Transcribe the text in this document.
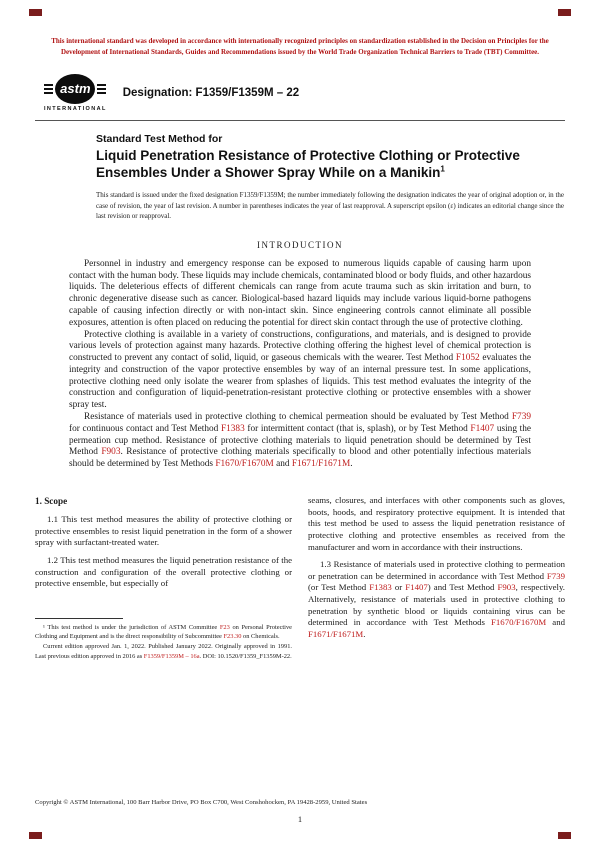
This international standard was developed in accordance with internationally recognized principles on standardization established in the Decision on Principles for the Development of International Standards, Guides and Recommendations issued by the World Trade Organization Technical Barriers to Trade (TBT) Committee.
astm
INTERNATIONAL
Designation: F1359/F1359M – 22
Standard Test Method for
Liquid Penetration Resistance of Protective Clothing or Protective Ensembles Under a Shower Spray While on a Manikin$^1$
This standard is issued under the fixed designation F1359/F1359M; the number immediately following the designation indicates the year of original adoption or, in the case of revision, the year of last revision. A number in parentheses indicates the year of last reapproval. A superscript epsilon (ε) indicates an editorial change since the last revision or reapproval.
INTRODUCTION

Personnel in industry and emergency response can be exposed to numerous liquids capable of causing harm upon contact with the human body. These liquids may include chemicals, contaminated blood or body fluids, and other hazardous liquids. The deleterious effects of different chemicals can range from acute trauma such as skin irritation and burn, to chronic degenerative disease such as cancer. Biological-based hazard liquids may include various liquid-borne pathogens capable of causing infection directly or with non-intact skin. Since engineering controls cannot eliminate all possible exposures, attention is often placed on reducing the potential for direct skin contact through the use of protective clothing.

Protective clothing is available in a variety of constructions, configurations, and materials, and is designed to provide various levels of protection against many hazards. Protective clothing offering the highest level of chemical protection is constructed to prevent any contact of solid, liquid, or gaseous chemicals with the wearer. Test Method F1052 evaluates the integrity and construction of the vapor protective ensembles by way of an internal pressure test. In some applications, protective clothing need only isolate the wearer from splashes of liquids. This test method evaluates the integrity of the construction and configuration of liquid-penetration-resistant protective clothing or protective ensembles with a shower spray test.

Resistance of materials used in protective clothing to chemical permeation should be evaluated by Test Method F739 for continuous contact and Test Method F1383 for intermittent contact (that is, splash), or by Test Method F1407 using the permeation cup method. Resistance of protective clothing materials to liquid penetration should be determined by Test Method F903. Resistance of protective clothing materials specifically to blood and other potentially infectious materials should be determined by Test Methods F1670/F1670M and F1671/F1671M.

1. Scope

1.1 This test method measures the ability of protective clothing or protective ensembles to resist liquid penetration in the form of a shower spray with surfactant-treated water.

1.2 This test method measures the liquid penetration resistance of the construction and configuration of the overall protective clothing or protective ensemble, but especially of

¹ This test method is under the jurisdiction of ASTM Committee F23 on Personal Protective Clothing and Equipment and is the direct responsibility of Subcommittee F23.30 on Chemicals.

Current edition approved Jan. 1, 2022. Published January 2022. Originally approved in 1991. Last previous edition approved in 2016 as F1359/F1359M – 16a. DOI: 10.1520/F1359_F1359M-22.

seams, closures, and interfaces with other components such as gloves, boots, hoods, and respiratory protective equipment. It is intended that this test method be used to assess the liquid penetration resistance of protective clothing and protective ensembles as received from the manufacturer and worn in accordance with their instructions.

1.3 Resistance of materials used in protective clothing to permeation or penetration can be determined in accordance with Test Method F739 (or Test Method F1383 or F1407) and Test Method F903, respectively. Alternatively, resistance of materials used in protective clothing to penetration by synthetic blood or liquids containing virus can be determined in accordance with Test Methods F1670/F1670M and F1671/F1671M.

Copyright © ASTM International, 100 Barr Harbor Drive, PO Box C700, West Conshohocken, PA 19428-2959, United States
1
